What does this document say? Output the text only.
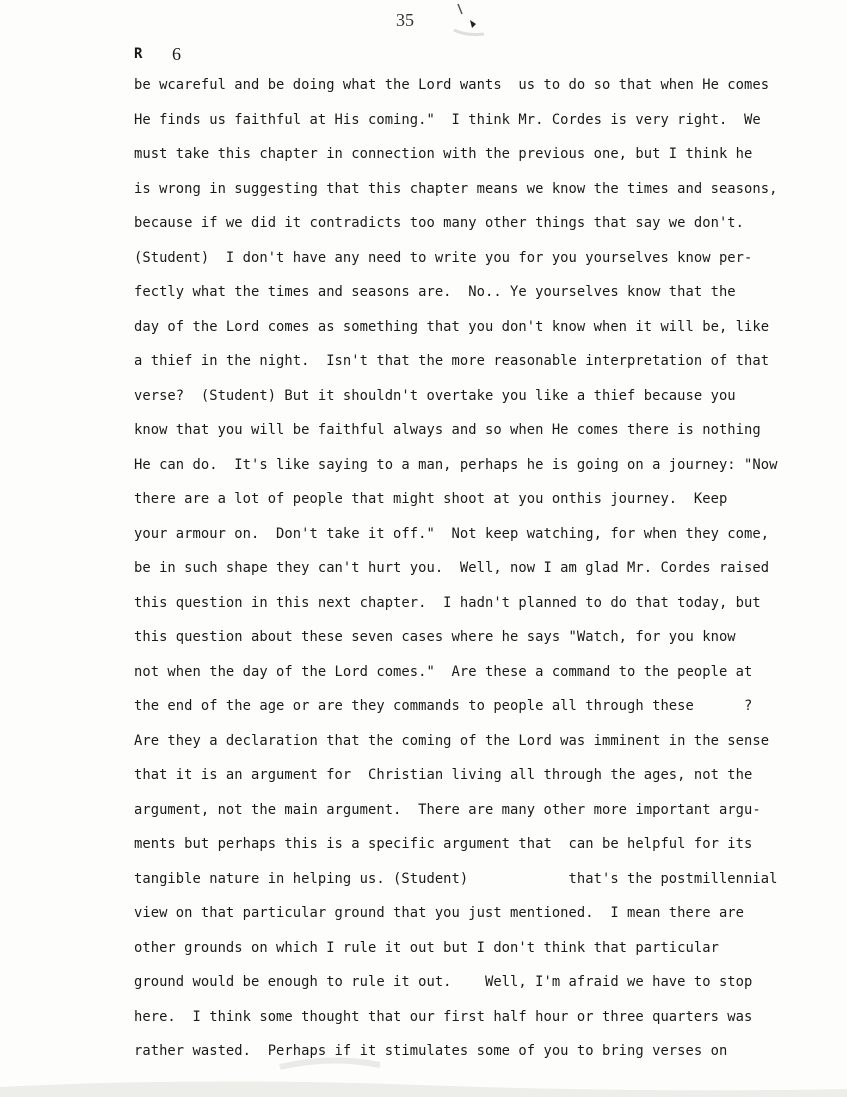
35
R 6
be wcareful and be doing what the Lord wants  us to do so that when He comes
He finds us faithful at His coming."  I think Mr. Cordes is very right.  We
must take this chapter in connection with the previous one, but I think he
is wrong in suggesting that this chapter means we know the times and seasons,
because if we did it contradicts too many other things that say we don't.
(Student)  I don't have any need to write you for you yourselves know per-
fectly what the times and seasons are.  No.. Ye yourselves know that the
day of the Lord comes as something that you don't know when it will be, like
a thief in the night.  Isn't that the more reasonable interpretation of that
verse?  (Student) But it shouldn't overtake you like a thief because you
know that you will be faithful always and so when He comes there is nothing
He can do.  It's like saying to a man, perhaps he is going on a journey: "Now
there are a lot of people that might shoot at you onthis journey.  Keep
your armour on.  Don't take it off."  Not keep watching, for when they come,
be in such shape they can't hurt you.  Well, now I am glad Mr. Cordes raised
this question in this next chapter.  I hadn't planned to do that today, but
this question about these seven cases where he says "Watch, for you know
not when the day of the Lord comes."  Are these a command to the people at
the end of the age or are they commands to people all through these      ?
Are they a declaration that the coming of the Lord was imminent in the sense
that it is an argument for  Christian living all through the ages, not the
argument, not the main argument.  There are many other more important argu-
ments but perhaps this is a specific argument that  can be helpful for its
tangible nature in helping us. (Student)            that's the postmillennial
view on that particular ground that you just mentioned.  I mean there are
other grounds on which I rule it out but I don't think that particular
ground would be enough to rule it out.    Well, I'm afraid we have to stop
here.  I think some thought that our first half hour or three quarters was
rather wasted.  Perhaps if it stimulates some of you to bring verses on
